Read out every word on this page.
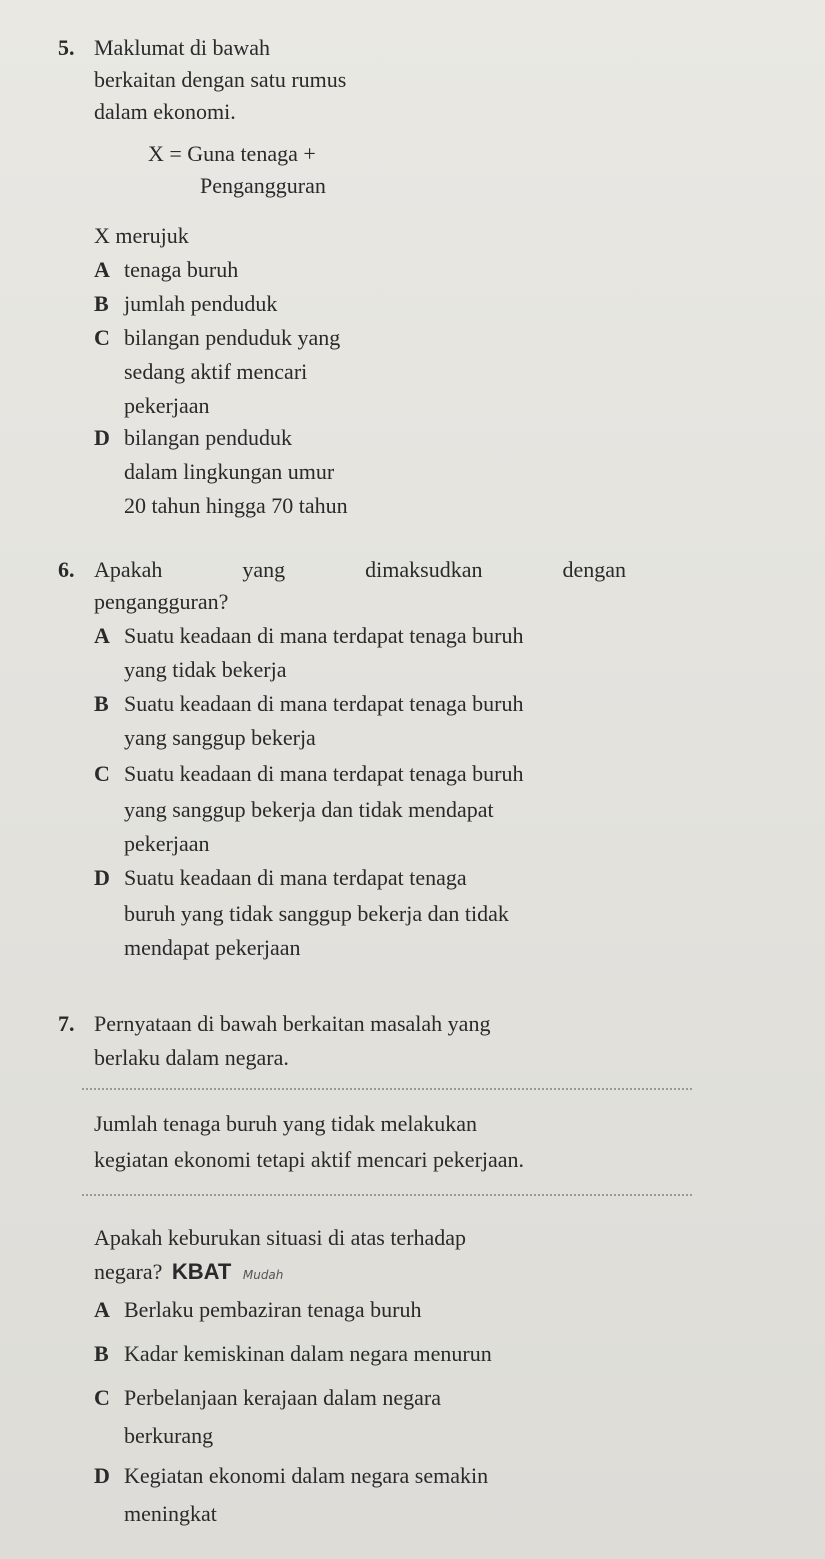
5. Maklumat di bawah
berkaitan dengan satu rumus
dalam ekonomi.
X = Guna tenaga +
Pengangguran
X merujuk
A tenaga buruh
B jumlah penduduk
C bilangan penduduk yang
sedang aktif mencari
pekerjaan
D bilangan penduduk
dalam lingkungan umur
20 tahun hingga 70 tahun
6. Apakah	yang	dimaksudkan	dengan
pengangguran?
A Suatu keadaan di mana terdapat tenaga buruh
yang tidak bekerja
B Suatu keadaan di mana terdapat tenaga buruh
yang sanggup bekerja
C Suatu keadaan di mana terdapat tenaga buruh
yang sanggup bekerja dan tidak mendapat
pekerjaan
D Suatu keadaan di mana terdapat tenaga
buruh yang tidak sanggup bekerja dan tidak
mendapat pekerjaan
7. Pernyataan di bawah berkaitan masalah yang
berlaku dalam negara.
Jumlah tenaga buruh yang tidak melakukan
kegiatan ekonomi tetapi aktif mencari pekerjaan.
Apakah keburukan situasi di atas terhadap
negara? KBAT Mudah
A Berlaku pembaziran tenaga buruh
B Kadar kemiskinan dalam negara menurun
C Perbelanjaan kerajaan dalam negara
berkurang
D Kegiatan ekonomi dalam negara semakin
meningkat
